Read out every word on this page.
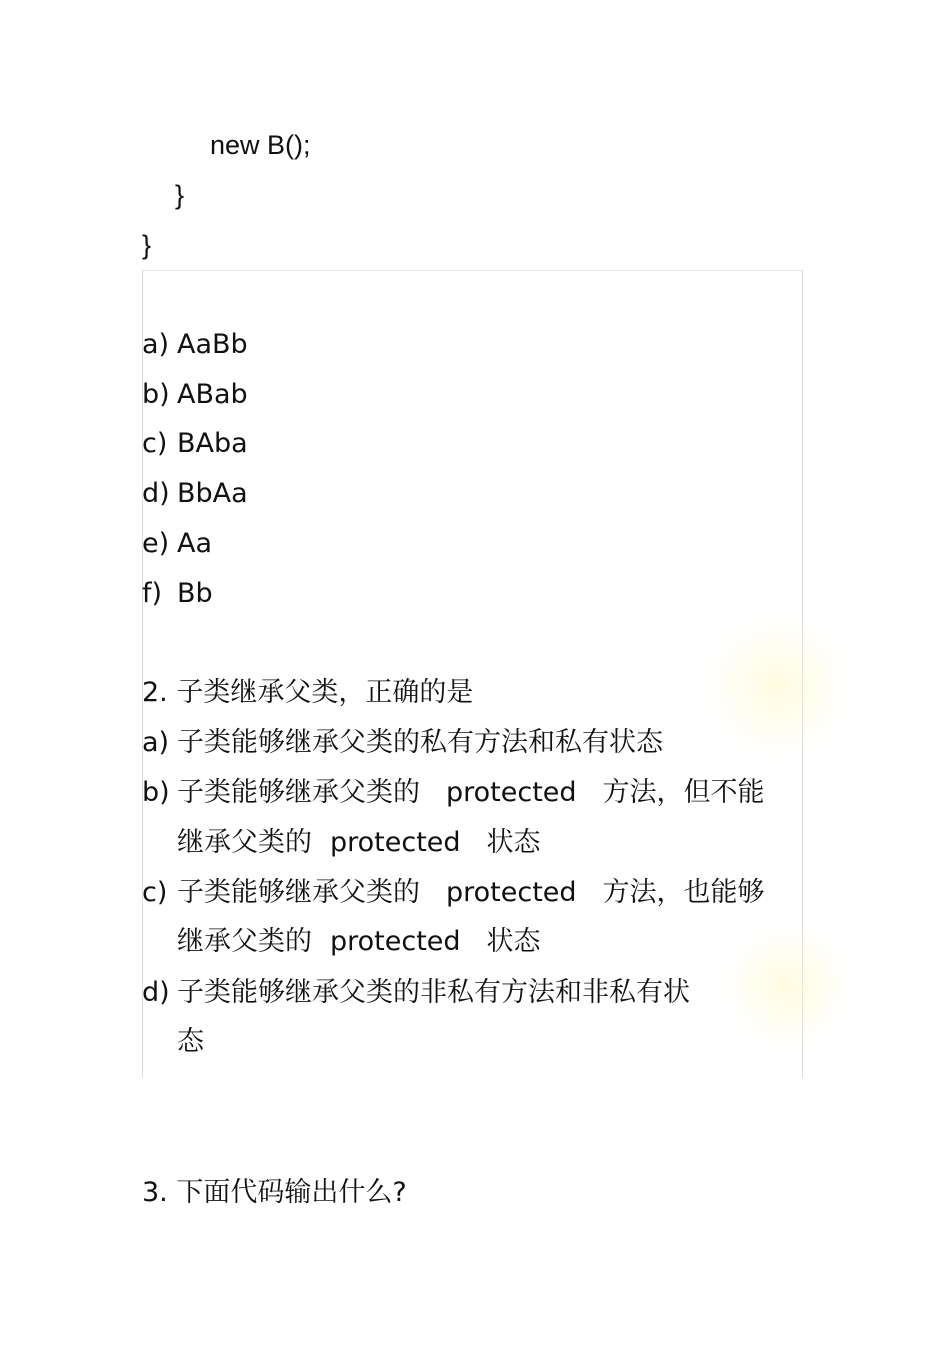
new B();
}
}
a) AaBb
b) ABab
c) BAba
d) BbAa
e) Aa
f) Bb
2. 子类继承父类，正确的是
a) 子类能够继承父类的私有方法和私有状态
b) 子类能够继承父类的 protected 方法，但不能
继承父类的 protected 状态
c) 子类能够继承父类的 protected 方法，也能够
继承父类的 protected 状态
d) 子类能够继承父类的非私有方法和非私有状
态
3. 下面代码输出什么?
